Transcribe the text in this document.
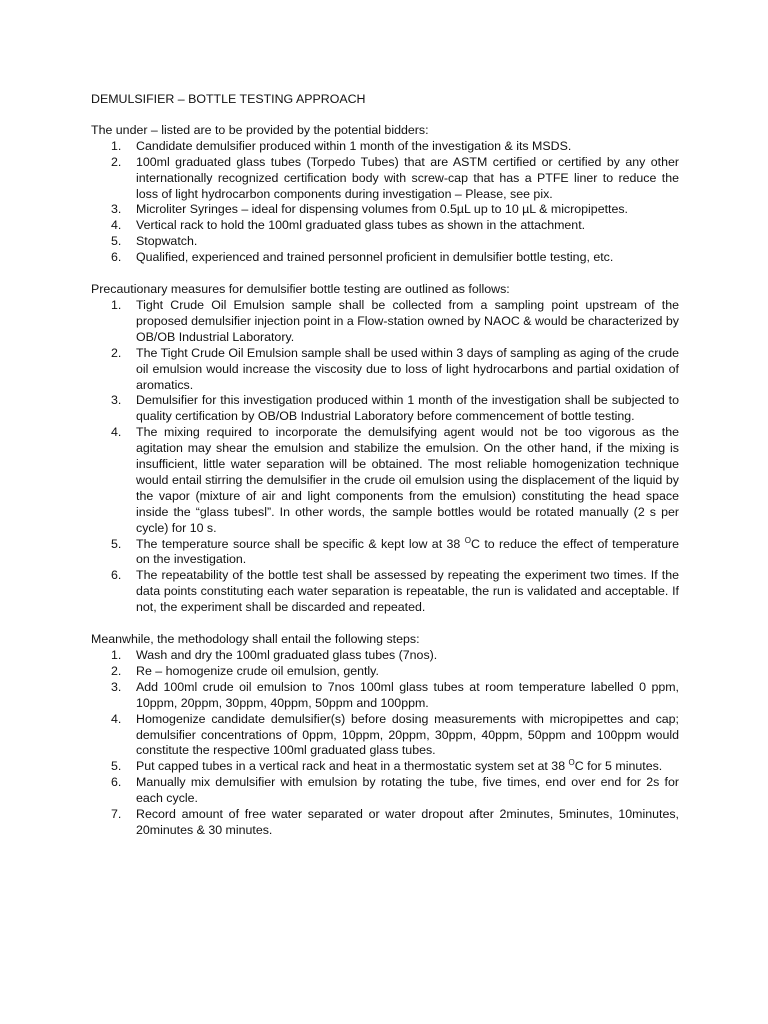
DEMULSIFIER – BOTTLE TESTING APPROACH

The under – listed are to be provided by the potential bidders:

1. Candidate demulsifier produced within 1 month of the investigation & its MSDS.
2. 100ml graduated glass tubes (Torpedo Tubes) that are ASTM certified or certified by any other internationally recognized certification body with screw-cap that has a PTFE liner to reduce the loss of light hydrocarbon components during investigation – Please, see pix.
3. Microliter Syringes – ideal for dispensing volumes from 0.5µL up to 10 µL & micropipettes.
4. Vertical rack to hold the 100ml graduated glass tubes as shown in the attachment.
5. Stopwatch.
6. Qualified, experienced and trained personnel proficient in demulsifier bottle testing, etc.

Precautionary measures for demulsifier bottle testing are outlined as follows:

1. Tight Crude Oil Emulsion sample shall be collected from a sampling point upstream of the proposed demulsifier injection point in a Flow-station owned by NAOC & would be characterized by OB/OB Industrial Laboratory.
2. The Tight Crude Oil Emulsion sample shall be used within 3 days of sampling as aging of the crude oil emulsion would increase the viscosity due to loss of light hydrocarbons and partial oxidation of aromatics.
3. Demulsifier for this investigation produced within 1 month of the investigation shall be subjected to quality certification by OB/OB Industrial Laboratory before commencement of bottle testing.
4. The mixing required to incorporate the demulsifying agent would not be too vigorous as the agitation may shear the emulsion and stabilize the emulsion. On the other hand, if the mixing is insufficient, little water separation will be obtained. The most reliable homogenization technique would entail stirring the demulsifier in the crude oil emulsion using the displacement of the liquid by the vapor (mixture of air and light components from the emulsion) constituting the head space inside the “glass tubesl”. In other words, the sample bottles would be rotated manually (2 s per cycle) for 10 s.
5. The temperature source shall be specific & kept low at 38 $^O$C to reduce the effect of temperature on the investigation.
6. The repeatability of the bottle test shall be assessed by repeating the experiment two times. If the data points constituting each water separation is repeatable, the run is validated and acceptable. If not, the experiment shall be discarded and repeated.

Meanwhile, the methodology shall entail the following steps:

1. Wash and dry the 100ml graduated glass tubes (7nos).
2. Re – homogenize crude oil emulsion, gently.
3. Add 100ml crude oil emulsion to 7nos 100ml glass tubes at room temperature labelled 0 ppm, 10ppm, 20ppm, 30ppm, 40ppm, 50ppm and 100ppm.
4. Homogenize candidate demulsifier(s) before dosing measurements with micropipettes and cap; demulsifier concentrations of 0ppm, 10ppm, 20ppm, 30ppm, 40ppm, 50ppm and 100ppm would constitute the respective 100ml graduated glass tubes.
5. Put capped tubes in a vertical rack and heat in a thermostatic system set at 38 $^O$C for 5 minutes.
6. Manually mix demulsifier with emulsion by rotating the tube, five times, end over end for 2s for each cycle.
7. Record amount of free water separated or water dropout after 2minutes, 5minutes, 10minutes, 20minutes & 30 minutes.
